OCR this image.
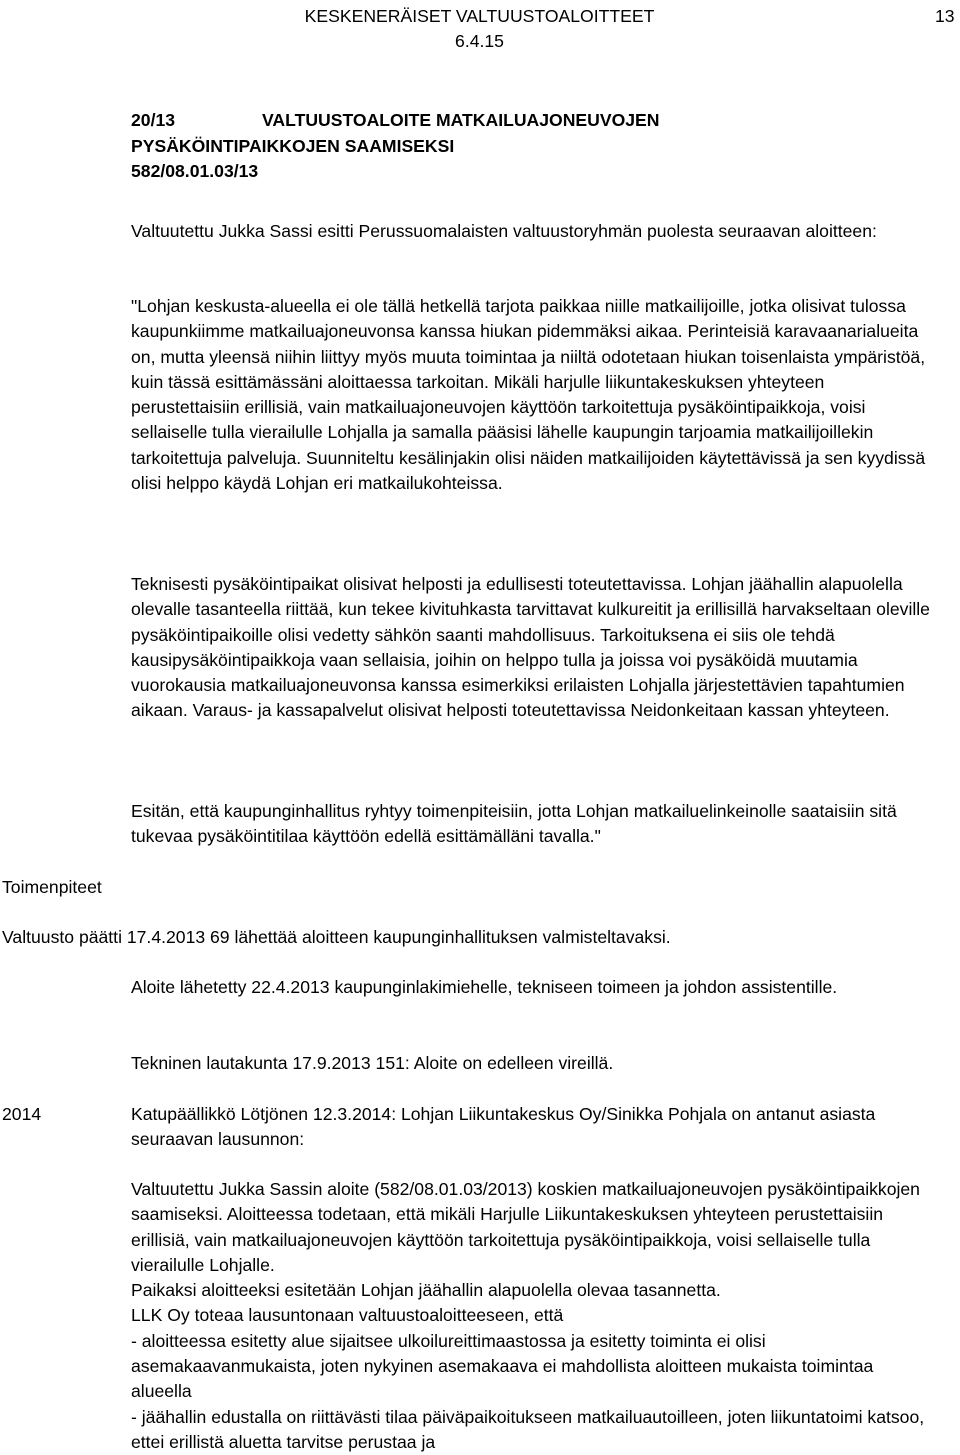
KESKENERÄISET VALTUUSTOALOITTEET
6.4.15
13
20/13	VALTUUSTOALOITE MATKAILUAJONEUVOJEN
PYSÄKÖINTIPAIKKOJEN SAAMISEKSI
582/08.01.03/13

Valtuutettu Jukka Sassi esitti Perussuomalaisten valtuustoryhmän puolesta seuraavan aloitteen:

"Lohjan keskusta-alueella ei ole tällä hetkellä tarjota paikkaa niille matkailijoille, jotka olisivat tulossa kaupunkiimme matkailuajoneuvonsa kanssa hiukan pidemmäksi aikaa. Perinteisiä karavaanarialueita on, mutta yleensä niihin liittyy myös muuta toimintaa ja niiltä odotetaan hiukan toisenlaista ympäristöä, kuin tässä esittämässäni aloittaessa tarkoitan. Mikäli harjulle liikuntakeskuksen yhteyteen perustettaisiin erillisiä, vain matkailuajoneuvojen käyttöön tarkoitettuja pysäköintipaikkoja, voisi sellaiselle tulla vierailulle Lohjalla ja samalla pääsisi lähelle kaupungin tarjoamia matkailijoillekin tarkoitettuja palveluja. Suunniteltu kesälinjakin olisi näiden matkailijoiden käytettävissä ja sen kyydissä olisi helppo käydä Lohjan eri matkailukohteissa.

Teknisesti pysäköintipaikat olisivat helposti ja edullisesti toteutettavissa. Lohjan jäähallin alapuolella olevalle tasanteella riittää, kun tekee kivituhkasta tarvittavat kulkureitit ja erillisillä harvakseltaan oleville pysäköintipaikoille olisi vedetty sähkön saanti mahdollisuus. Tarkoituksena ei siis ole tehdä kausipysäköintipaikkoja vaan sellaisia, joihin on helppo tulla ja joissa voi pysäköidä muutamia vuorokausia matkailuajoneuvonsa kanssa esimerkiksi erilaisten Lohjalla järjestettävien tapahtumien aikaan. Varaus- ja kassapalvelut olisivat helposti toteutettavissa Neidonkeitaan kassan yhteyteen.

Esitän, että kaupunginhallitus ryhtyy toimenpiteisiin, jotta Lohjan matkailuelinkeinolle saataisiin sitä tukevaa pysäköintitilaa käyttöön edellä esittämälläni tavalla."

Toimenpiteet
Valtuusto päätti 17.4.2013 69 lähettää aloitteen kaupunginhallituksen valmisteltavaksi.

Aloite lähetetty 22.4.2013 kaupunginlakimiehelle, tekniseen toimeen ja johdon assistentille.

Tekninen lautakunta 17.9.2013 151: Aloite on edelleen vireillä.

2014	Katupäällikkö Lötjönen 12.3.2014: Lohjan Liikuntakeskus Oy/Sinikka Pohjala on antanut asiasta seuraavan lausunnon:

Valtuutettu Jukka Sassin aloite (582/08.01.03/2013) koskien matkailuajoneuvojen pysäköintipaikkojen saamiseksi. Aloitteessa todetaan, että mikäli Harjulle Liikuntakeskuksen yhteyteen perustettaisiin erillisiä, vain matkailuajoneuvojen käyttöön tarkoitettuja pysäköintipaikkoja, voisi sellaiselle tulla vierailulle Lohjalle.
Paikaksi aloitteeksi esitetään Lohjan jäähallin alapuolella olevaa tasannetta.
LLK Oy toteaa lausuntonaan valtuustoaloitteeseen, että
- aloitteessa esitetty alue sijaitsee ulkoilureittimaastossa ja esitetty toiminta ei olisi asemakaavanmukaista, joten nykyinen asemakaava ei mahdollista aloitteen mukaista toimintaa alueella
- jäähallin edustalla on riittävästi tilaa päiväpaikoitukseen matkailuautoilleen, joten liikuntatoimi katsoo, ettei erillistä aluetta tarvitse perustaa ja
